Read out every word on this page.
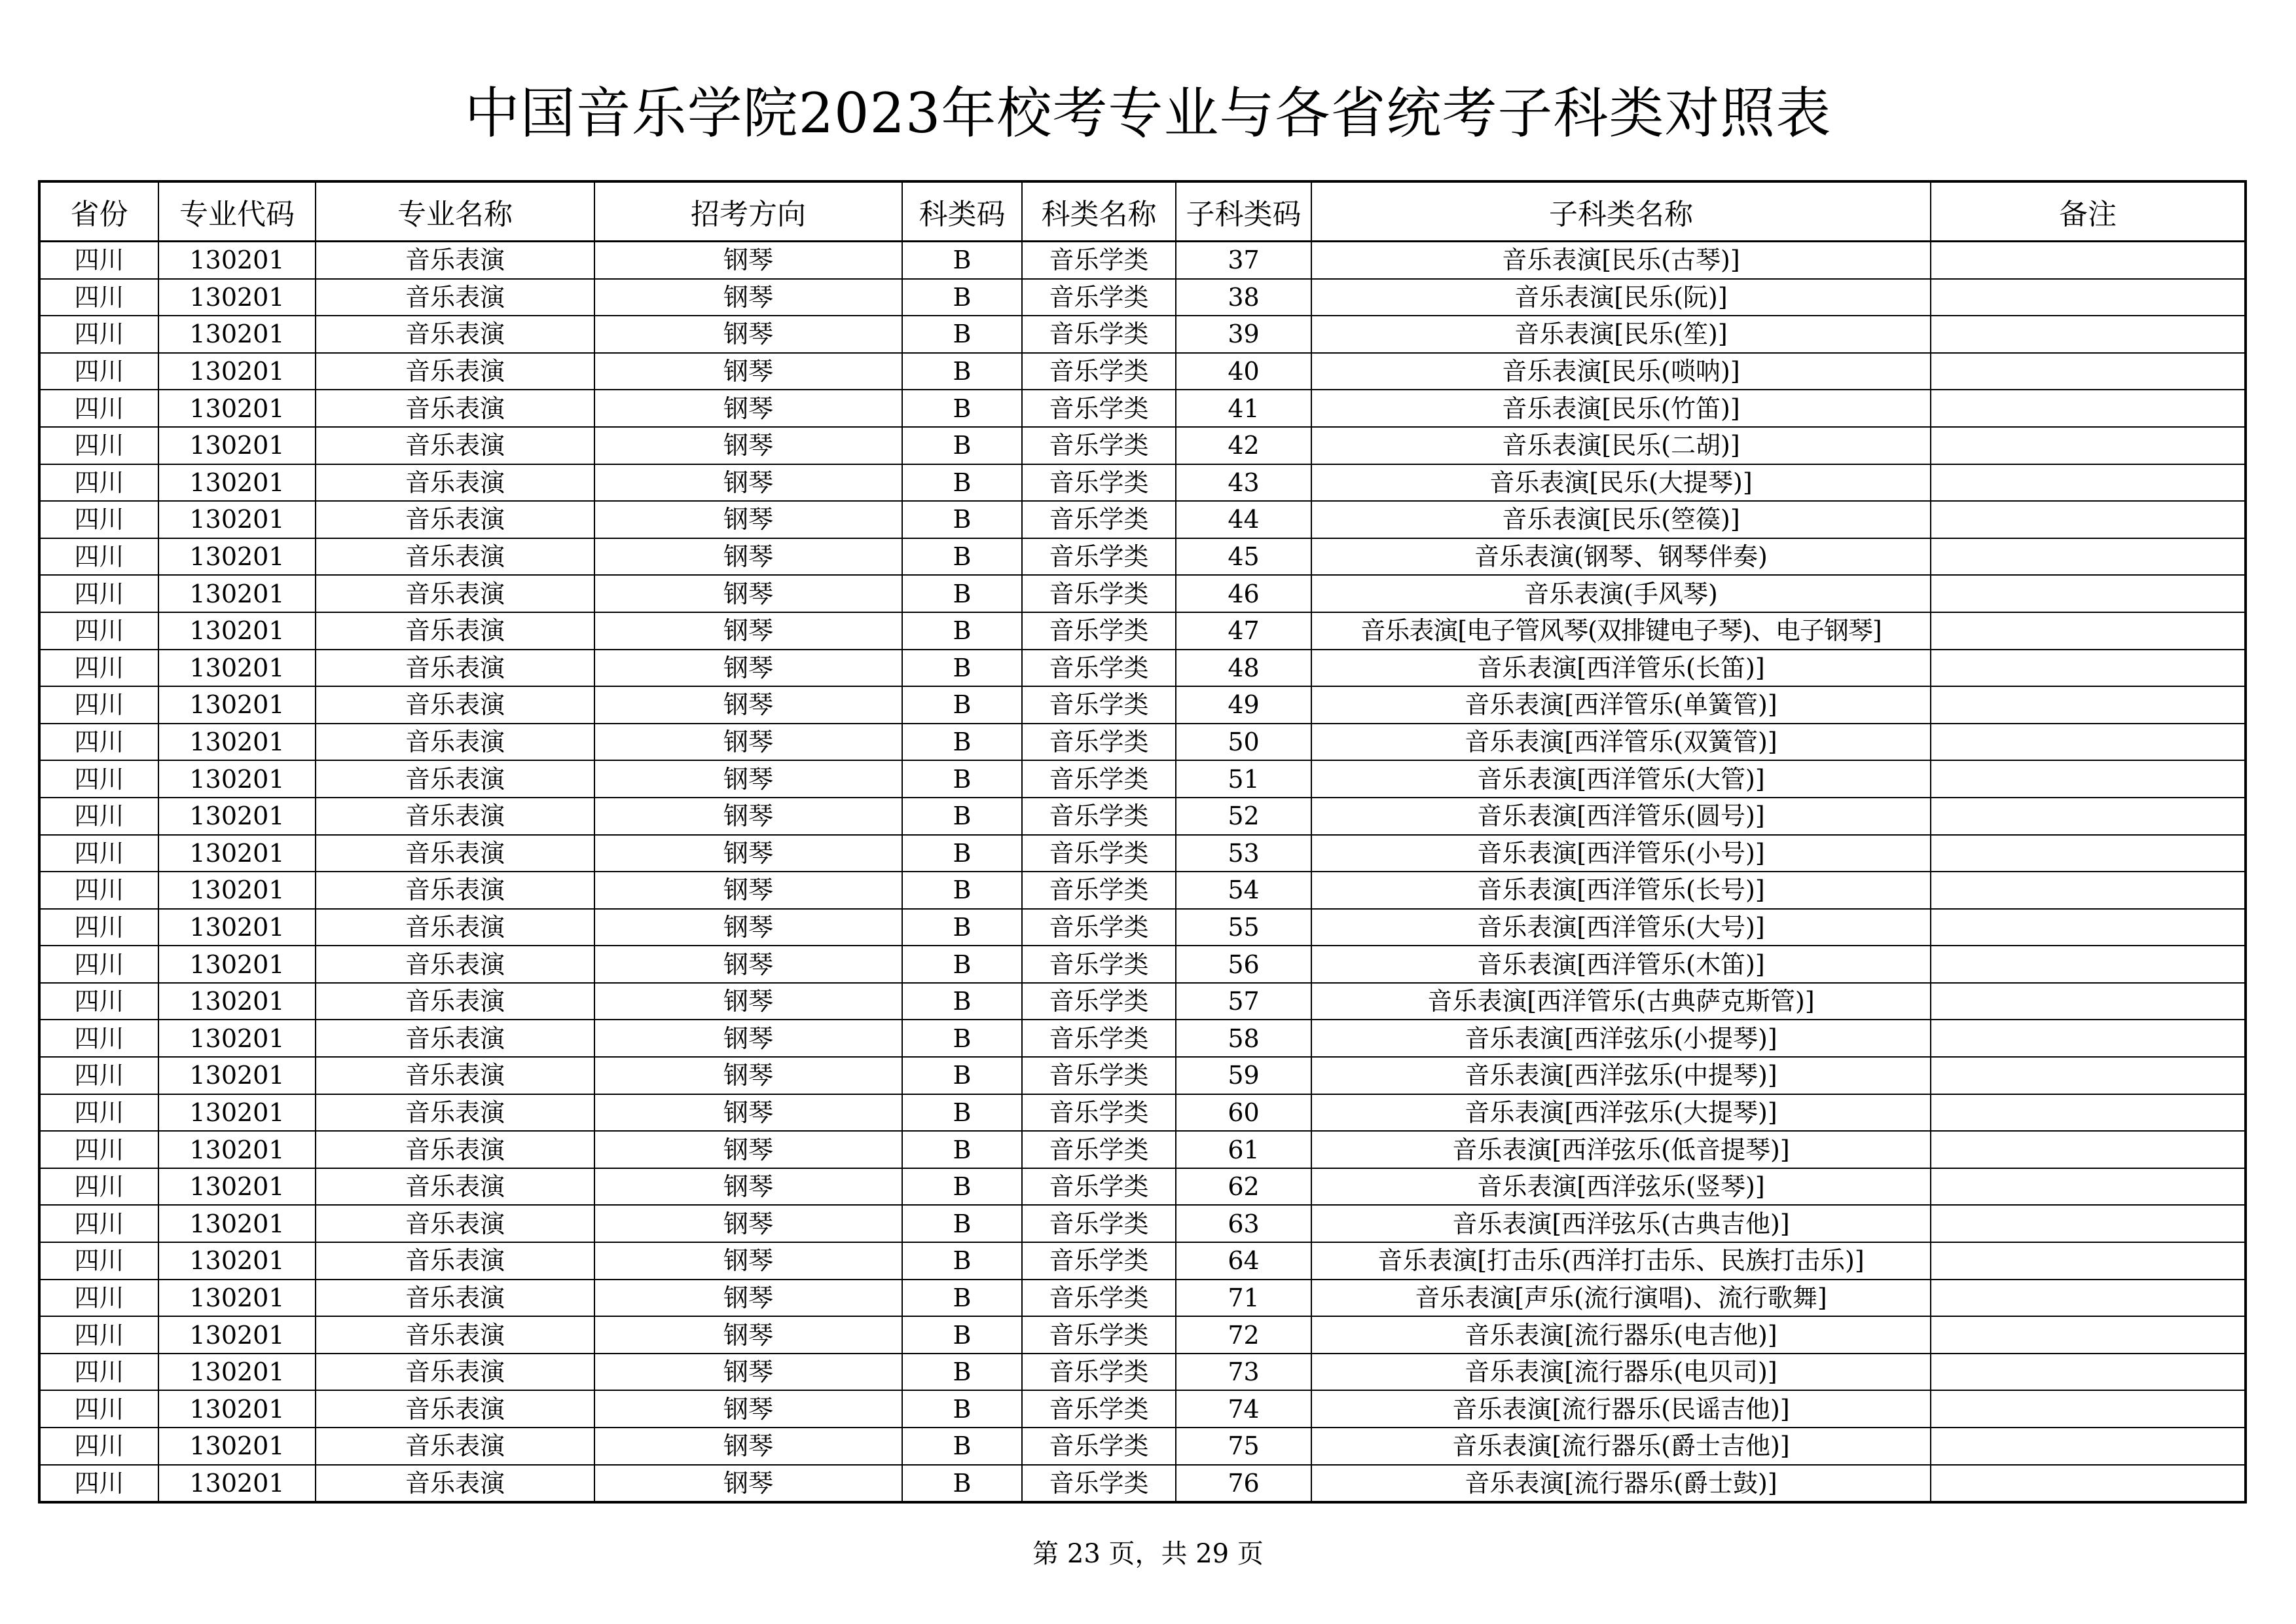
中国音乐学院2023年校考专业与各省统考子科类对照表
省份	专业代码	专业名称	招考方向	科类码	科类名称	子科类码	子科类名称	备注
四川	130201	音乐表演	钢琴	B	音乐学类	37	音乐表演[民乐(古琴)]	
四川	130201	音乐表演	钢琴	B	音乐学类	38	音乐表演[民乐(阮)]	
四川	130201	音乐表演	钢琴	B	音乐学类	39	音乐表演[民乐(笙)]	
四川	130201	音乐表演	钢琴	B	音乐学类	40	音乐表演[民乐(唢呐)]	
四川	130201	音乐表演	钢琴	B	音乐学类	41	音乐表演[民乐(竹笛)]	
四川	130201	音乐表演	钢琴	B	音乐学类	42	音乐表演[民乐(二胡)]	
四川	130201	音乐表演	钢琴	B	音乐学类	43	音乐表演[民乐(大提琴)]	
四川	130201	音乐表演	钢琴	B	音乐学类	44	音乐表演[民乐(箜篌)]	
四川	130201	音乐表演	钢琴	B	音乐学类	45	音乐表演(钢琴、钢琴伴奏)	
四川	130201	音乐表演	钢琴	B	音乐学类	46	音乐表演(手风琴)	
四川	130201	音乐表演	钢琴	B	音乐学类	47	音乐表演[电子管风琴(双排键电子琴)、电子钢琴]	
四川	130201	音乐表演	钢琴	B	音乐学类	48	音乐表演[西洋管乐(长笛)]	
四川	130201	音乐表演	钢琴	B	音乐学类	49	音乐表演[西洋管乐(单簧管)]	
四川	130201	音乐表演	钢琴	B	音乐学类	50	音乐表演[西洋管乐(双簧管)]	
四川	130201	音乐表演	钢琴	B	音乐学类	51	音乐表演[西洋管乐(大管)]	
四川	130201	音乐表演	钢琴	B	音乐学类	52	音乐表演[西洋管乐(圆号)]	
四川	130201	音乐表演	钢琴	B	音乐学类	53	音乐表演[西洋管乐(小号)]	
四川	130201	音乐表演	钢琴	B	音乐学类	54	音乐表演[西洋管乐(长号)]	
四川	130201	音乐表演	钢琴	B	音乐学类	55	音乐表演[西洋管乐(大号)]	
四川	130201	音乐表演	钢琴	B	音乐学类	56	音乐表演[西洋管乐(木笛)]	
四川	130201	音乐表演	钢琴	B	音乐学类	57	音乐表演[西洋管乐(古典萨克斯管)]	
四川	130201	音乐表演	钢琴	B	音乐学类	58	音乐表演[西洋弦乐(小提琴)]	
四川	130201	音乐表演	钢琴	B	音乐学类	59	音乐表演[西洋弦乐(中提琴)]	
四川	130201	音乐表演	钢琴	B	音乐学类	60	音乐表演[西洋弦乐(大提琴)]	
四川	130201	音乐表演	钢琴	B	音乐学类	61	音乐表演[西洋弦乐(低音提琴)]	
四川	130201	音乐表演	钢琴	B	音乐学类	62	音乐表演[西洋弦乐(竖琴)]	
四川	130201	音乐表演	钢琴	B	音乐学类	63	音乐表演[西洋弦乐(古典吉他)]	
四川	130201	音乐表演	钢琴	B	音乐学类	64	音乐表演[打击乐(西洋打击乐、民族打击乐)]	
四川	130201	音乐表演	钢琴	B	音乐学类	71	音乐表演[声乐(流行演唱)、流行歌舞]	
四川	130201	音乐表演	钢琴	B	音乐学类	72	音乐表演[流行器乐(电吉他)]	
四川	130201	音乐表演	钢琴	B	音乐学类	73	音乐表演[流行器乐(电贝司)]	
四川	130201	音乐表演	钢琴	B	音乐学类	74	音乐表演[流行器乐(民谣吉他)]	
四川	130201	音乐表演	钢琴	B	音乐学类	75	音乐表演[流行器乐(爵士吉他)]	
四川	130201	音乐表演	钢琴	B	音乐学类	76	音乐表演[流行器乐(爵士鼓)]	
第 23 页，共 29 页
